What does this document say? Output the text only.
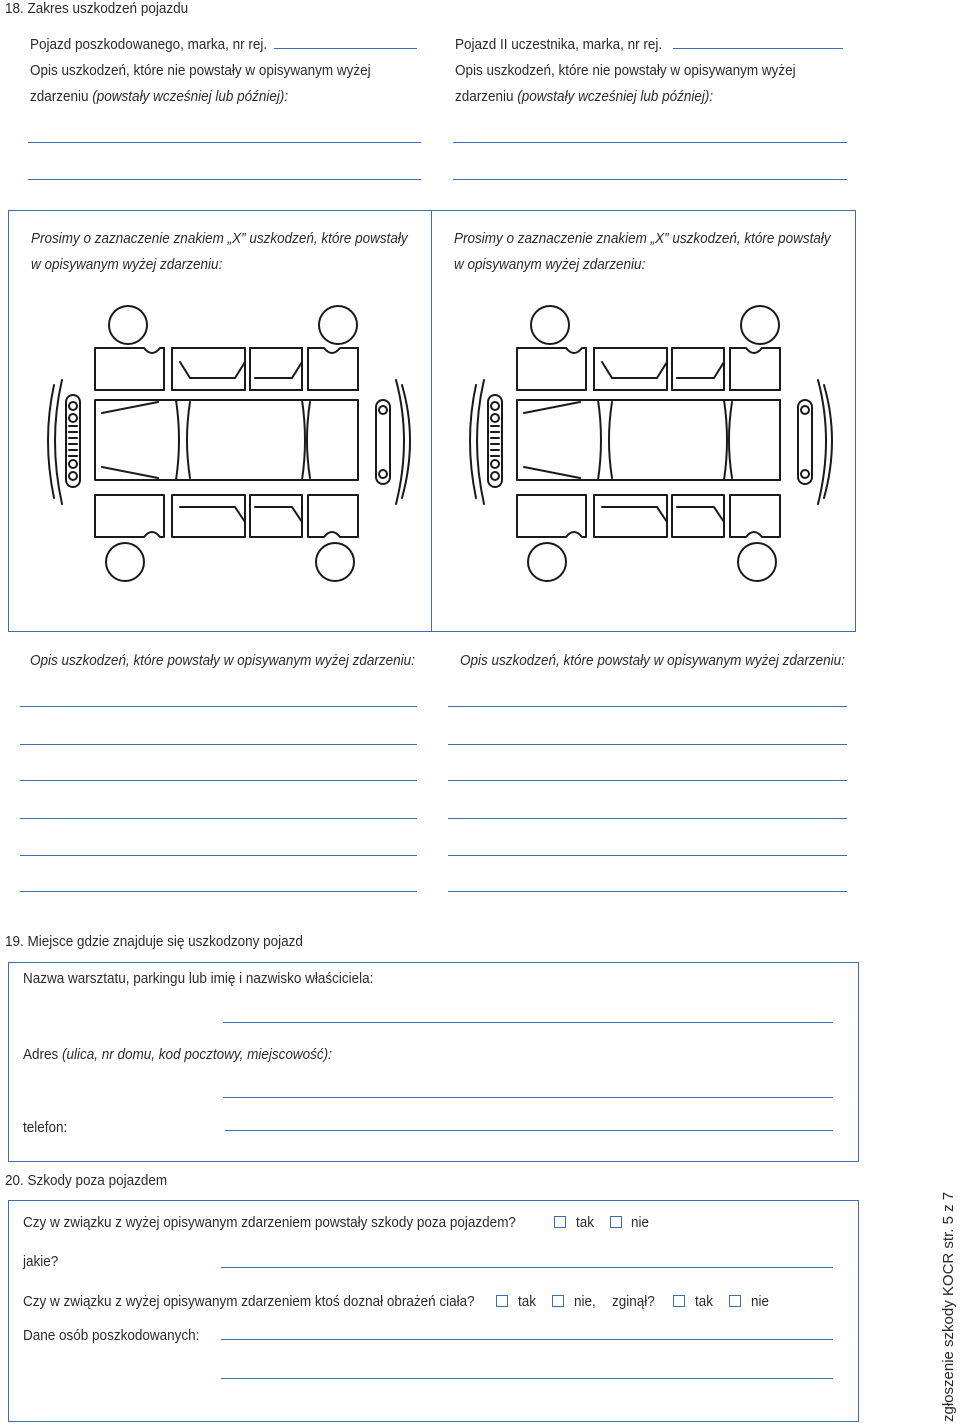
18. Zakres uszkodzeń pojazdu
Pojazd poszkodowanego, marka, nr rej.
Opis uszkodzeń, które nie powstały w opisywanym wyżej
zdarzeniu (powstały wcześniej lub później):
Pojazd II uczestnika, marka, nr rej.
Opis uszkodzeń, które nie powstały w opisywanym wyżej
zdarzeniu (powstały wcześniej lub później):
Prosimy o zaznaczenie znakiem „X” uszkodzeń, które powstały
w opisywanym wyżej zdarzeniu:
Prosimy o zaznaczenie znakiem „X” uszkodzeń, które powstały
w opisywanym wyżej zdarzeniu:
Opis uszkodzeń, które powstały w opisywanym wyżej zdarzeniu:	Opis uszkodzeń, które powstały w opisywanym wyżej zdarzeniu:
19. Miejsce gdzie znajduje się uszkodzony pojazd
Nazwa warsztatu, parkingu lub imię i nazwisko właściciela:
Adres (ulica, nr domu, kod pocztowy, miejscowość):
telefon:
20. Szkody poza pojazdem
Czy w związku z wyżej opisywanym zdarzeniem powstały szkody poza pojazdem?	tak nie
jakie?
Czy w związku z wyżej opisywanym zdarzeniem ktoś doznał obrażeń ciała?	tak	nie, zginął?	tak	nie
Dane osób poszkodowanych:	zgłoszenie szkody KOCR str. 5 z 7
